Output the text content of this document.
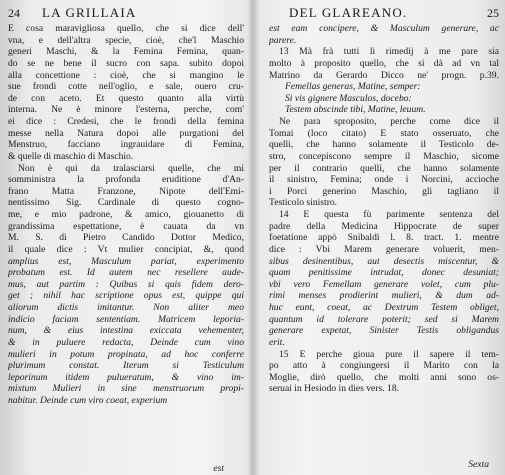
24 LA GRILLAIA
E cosa maravigliosa quello, che si dice dell'
vna, e dell'altra specie, cioè, che'l Maschio
generi Maschi, & la Femina Femina, quan-
do se ne bene il sucro con sapa. subito dopoi
alla concettione : cioè, che si mangino le
sue frondi cotte nell'oglio, e sale, ouero cru-
de con aceto. Et questo quanto alla virtù
interna. Ne è minore l'esterna, perche, com'
ei dice : Credesi, che le frondi della femina
messe nella Natura dopoi alle purgationi del
Menstruo, facciano ingrauidare di Femina,
& quelle di maschio di Maschio.
Non è qui da tralasciarsi quelle, che mi
somministra la profonda eruditione d'An-
frano Matta Franzone, Nipote dell'Emi-
nentissimo Sig. Cardinale di questo cogno-
me, e mio padrone, & amico, giouanetto di
grandissima espettatione, è cauata da vn
M. S. di Pietro Candido Dottor Medico,
il quale dice : Vt mulier concipiat, &, quod
amplius est, Masculum pariat, experimento
probatum est. Id autem nec resellere aude-
mus, aut partim : Quibus si quis fidem dero-
get ; nihil hac scriptione opus est, quippe qui
aliorum dictis imitantur. Non aliter meo
indicio faciam sententiam. Matricem leporia-
num, & eius intestina exiccata vehementer,
& in puluere redacta, Deinde cum vino
mulieri in potum propinata, ad hoc conferre
plurimum constat. Iterum si Testiculum
leporinum itidem pulueratum, & vino im-
mixtum Mulieri in sine menstruorum propi-
nabitur. Deinde cum viro coeat, experium
est
DEL GLAREANO.	25
est eam concipere, & Masculum generare, ac
parere.
13 Mà frà tutti li rimedij à me pare sia
molto à proposito quello, che si dà ad vn tal
Matrino da Gerardo Dicco ne' progn. p.39.
Femellas generas, Matine, semper:
Si vis gignere Masculos, docebo:
Testem abscinde tibi, Matine, leuum.
Ne para sproposito, perche come dice il
Tomai (loco citato) E stato osseruato, che
quelli, che hanno solamente il Testicolo de-
stro, concepiscono sempre il Maschio, sicome
per il contrario quelli, che hanno solamente
il sinistro, Femina; onde i Norcini, accioche
i Porci generino Maschio, gli tagliano il
Testicolo sinistro.
14 E questa fù parimente sentenza del
padre della Medicina Hippocrate de super
foetatione appò Snibaldi l. 8. tract. 1. mentre
dice : Vbi Marem generare voluerit, men-
sibus desinentibus, aut desectis miscentur, &
quam penitissime intrudat, donec desuniat;
vbi vero Femellam generare volet, cum plu-
rimi menses prodierint mulieri, & dum ad-
huc eunt, coeat, ac Dextrum Testem obliget,
quantum id tolerare poterit; sed si Marem
generare expetat, Sinister Testis obligandus
erit.
15 E perche gioua pure il sapere il tem-
po atto à congiungersi il Marito con la
Moglie, dirò quello, che molti anni sono os-
seruai in Hesiodo in dies vers. 18.
Sexta
